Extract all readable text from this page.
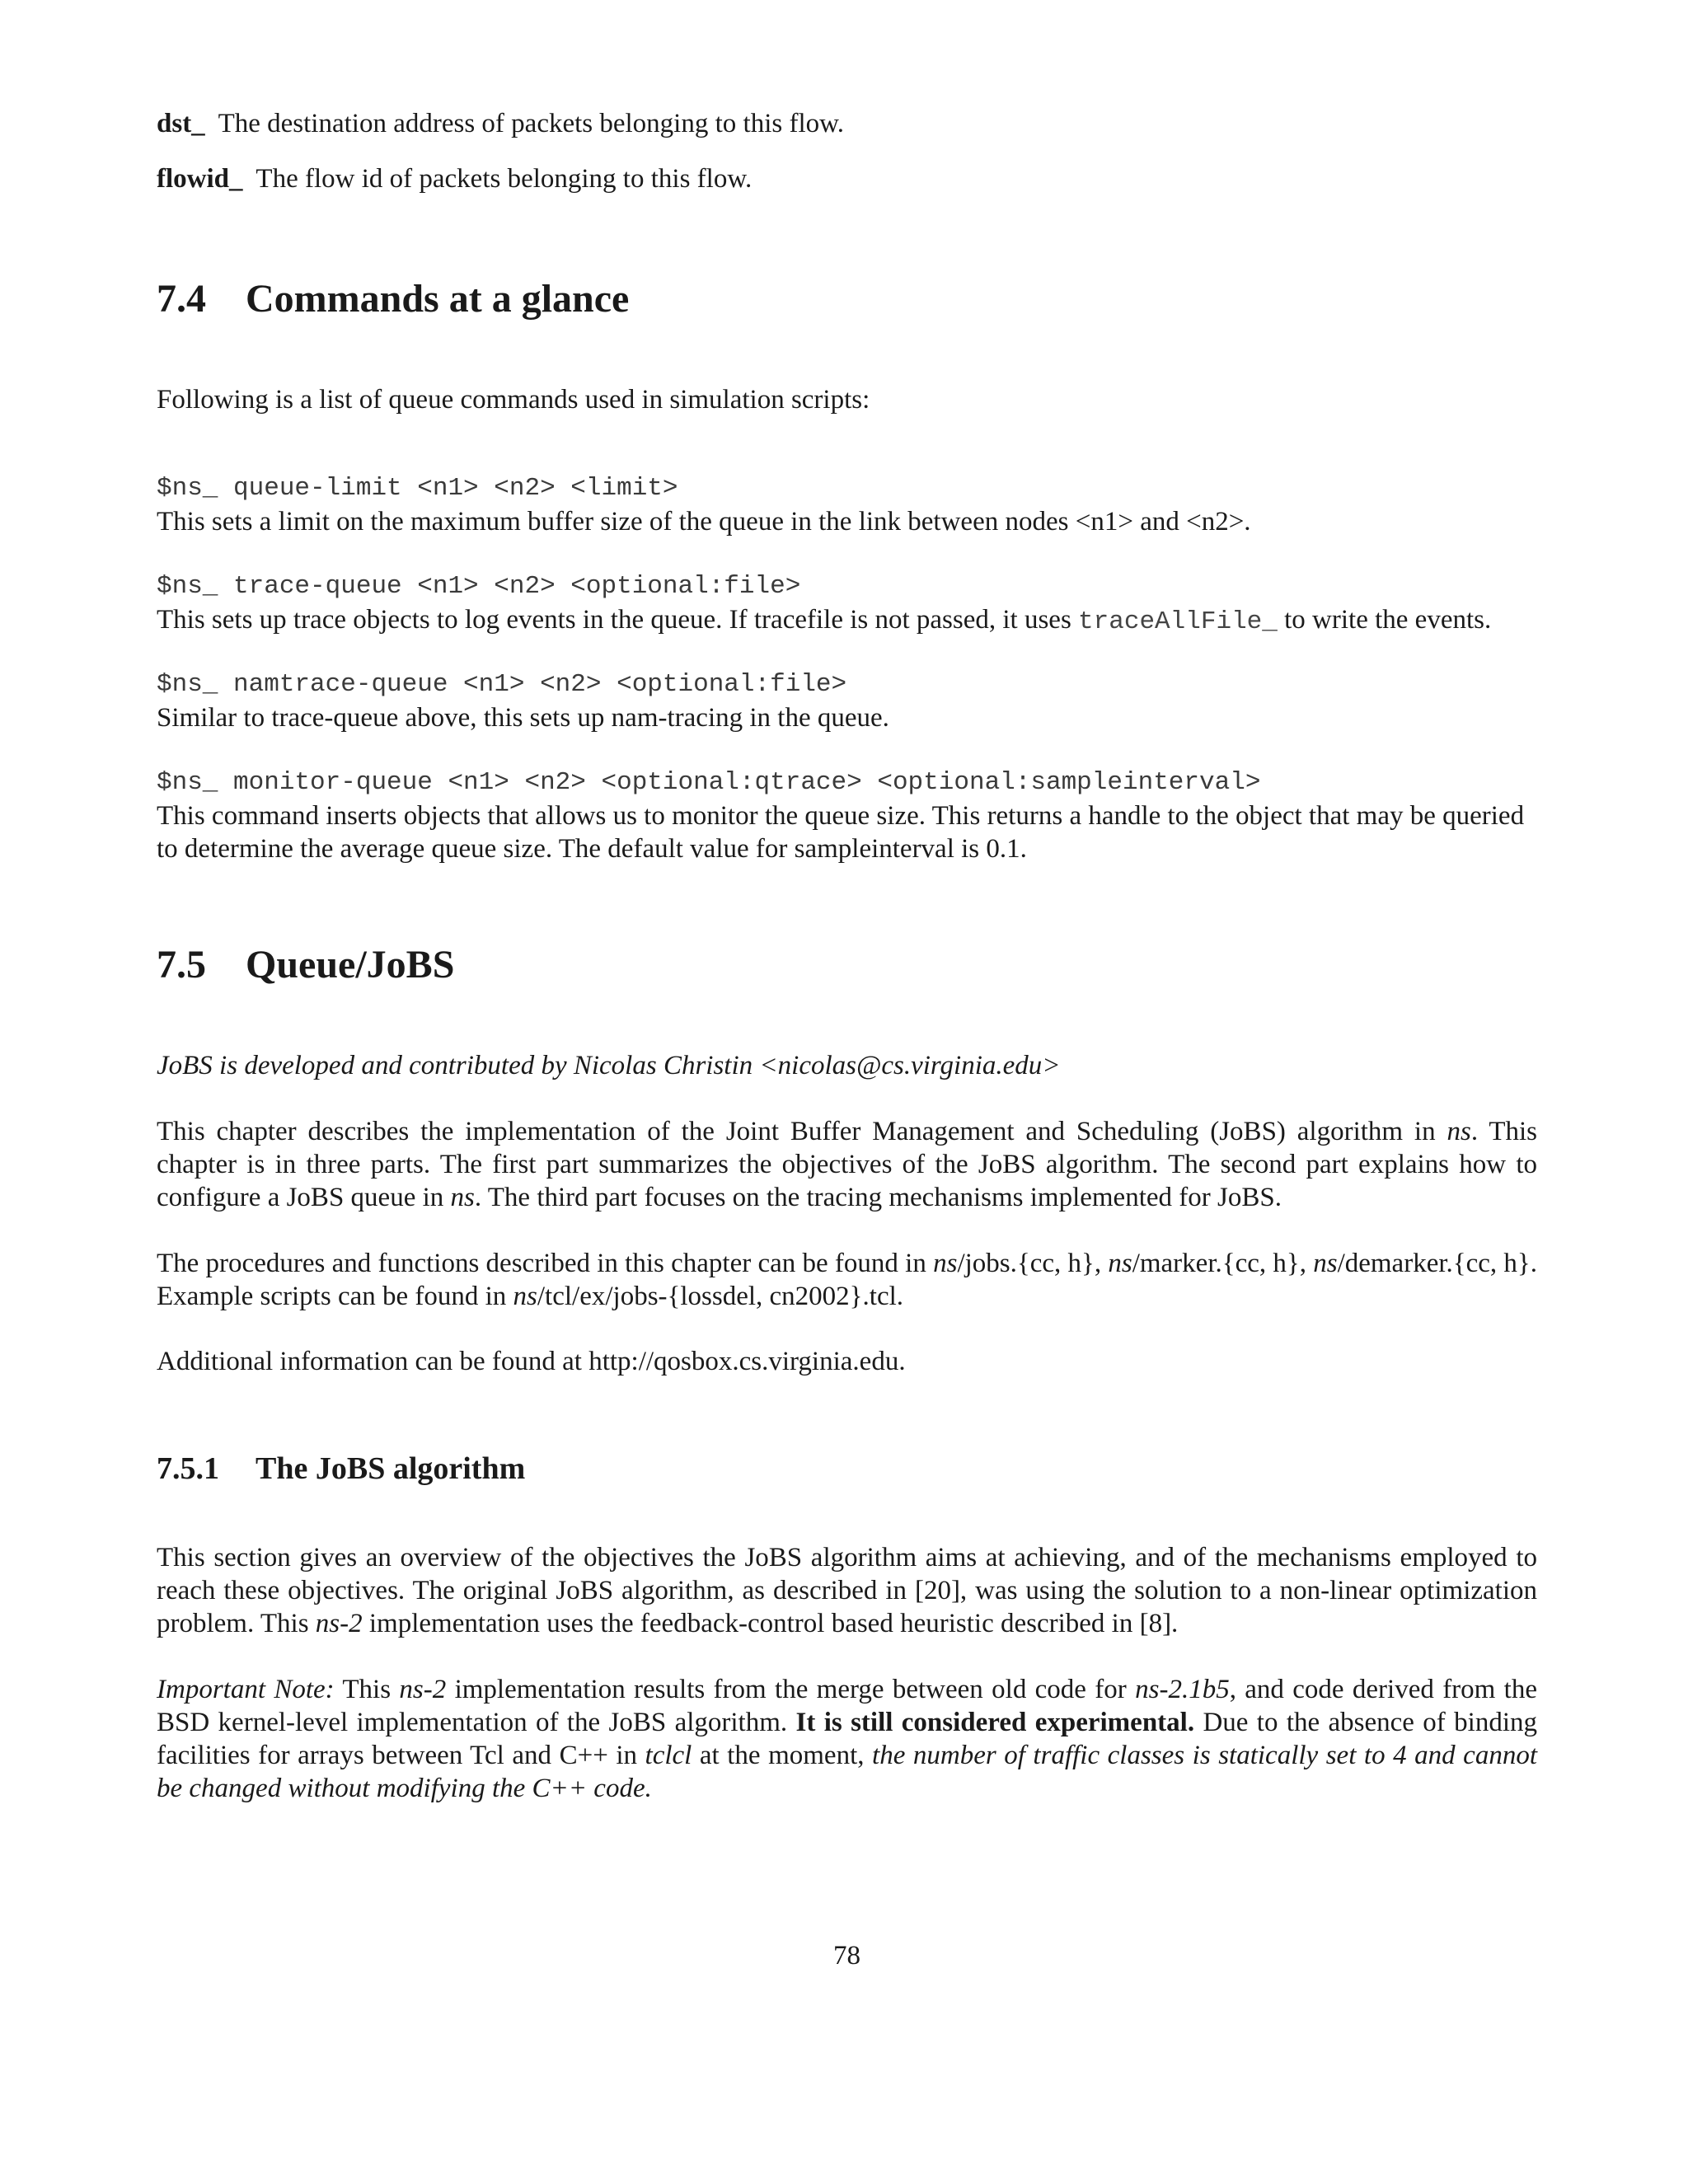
dst_ The destination address of packets belonging to this flow.
flowid_ The flow id of packets belonging to this flow.
7.4 Commands at a glance
Following is a list of queue commands used in simulation scripts:
$ns_ queue-limit <n1> <n2> <limit>
This sets a limit on the maximum buffer size of the queue in the link between nodes <n1> and <n2>.
$ns_ trace-queue <n1> <n2> <optional:file>
This sets up trace objects to log events in the queue. If tracefile is not passed, it uses traceAllFile_ to write the events.
$ns_ namtrace-queue <n1> <n2> <optional:file>
Similar to trace-queue above, this sets up nam-tracing in the queue.
$ns_ monitor-queue <n1> <n2> <optional:qtrace> <optional:sampleinterval>
This command inserts objects that allows us to monitor the queue size. This returns a handle to the object that may be queried to determine the average queue size. The default value for sampleinterval is 0.1.
7.5 Queue/JoBS
JoBS is developed and contributed by Nicolas Christin <nicolas@cs.virginia.edu>
This chapter describes the implementation of the Joint Buffer Management and Scheduling (JoBS) algorithm in ns. This chapter is in three parts. The first part summarizes the objectives of the JoBS algorithm. The second part explains how to configure a JoBS queue in ns. The third part focuses on the tracing mechanisms implemented for JoBS.
The procedures and functions described in this chapter can be found in ns/jobs.{cc, h}, ns/marker.{cc, h}, ns/demarker.{cc, h}. Example scripts can be found in ns/tcl/ex/jobs-{lossdel, cn2002}.tcl.
Additional information can be found at http://qosbox.cs.virginia.edu.
7.5.1 The JoBS algorithm
This section gives an overview of the objectives the JoBS algorithm aims at achieving, and of the mechanisms employed to reach these objectives. The original JoBS algorithm, as described in [20], was using the solution to a non-linear optimization problem. This ns-2 implementation uses the feedback-control based heuristic described in [8].
Important Note: This ns-2 implementation results from the merge between old code for ns-2.1b5, and code derived from the BSD kernel-level implementation of the JoBS algorithm. It is still considered experimental. Due to the absence of binding facilities for arrays between Tcl and C++ in tclcl at the moment, the number of traffic classes is statically set to 4 and cannot be changed without modifying the C++ code.
78
